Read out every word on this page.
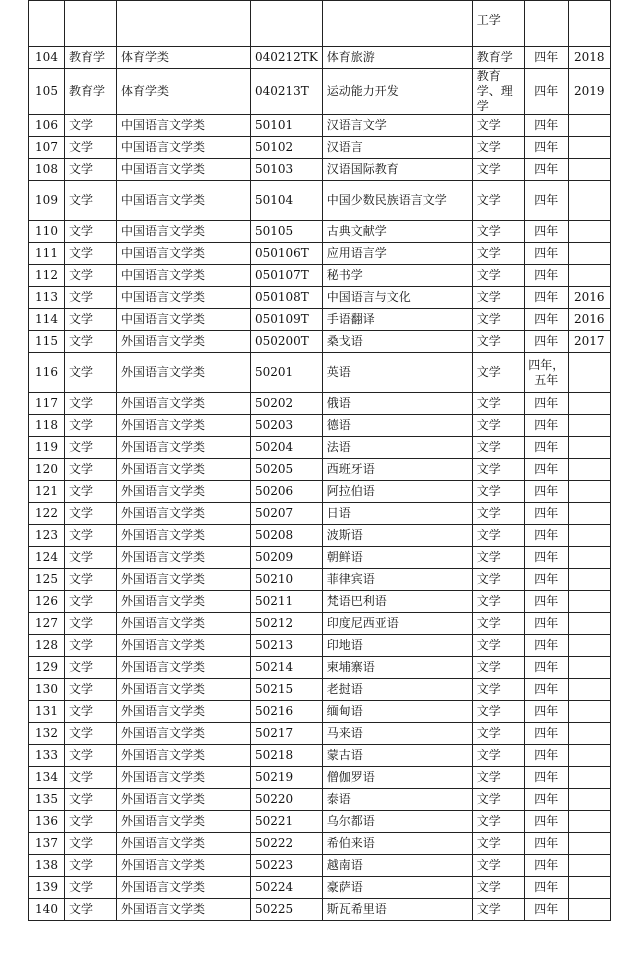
					工学		
104	教育学	体育学类	040212TK	体育旅游	教育学	四年	2018
105	教育学	体育学类	040213T	运动能力开发	教育学、理学	四年	2019
106	文学	中国语言文学类	50101	汉语言文学	文学	四年	
107	文学	中国语言文学类	50102	汉语言	文学	四年	
108	文学	中国语言文学类	50103	汉语国际教育	文学	四年	
109	文学	中国语言文学类	50104	中国少数民族语言文学	文学	四年	
110	文学	中国语言文学类	50105	古典文献学	文学	四年	
111	文学	中国语言文学类	050106T	应用语言学	文学	四年	
112	文学	中国语言文学类	050107T	秘书学	文学	四年	
113	文学	中国语言文学类	050108T	中国语言与文化	文学	四年	2016
114	文学	中国语言文学类	050109T	手语翻译	文学	四年	2016
115	文学	外国语言文学类	050200T	桑戈语	文学	四年	2017
116	文学	外国语言文学类	50201	英语	文学	四年，五年	
117	文学	外国语言文学类	50202	俄语	文学	四年	
118	文学	外国语言文学类	50203	德语	文学	四年	
119	文学	外国语言文学类	50204	法语	文学	四年	
120	文学	外国语言文学类	50205	西班牙语	文学	四年	
121	文学	外国语言文学类	50206	阿拉伯语	文学	四年	
122	文学	外国语言文学类	50207	日语	文学	四年	
123	文学	外国语言文学类	50208	波斯语	文学	四年	
124	文学	外国语言文学类	50209	朝鲜语	文学	四年	
125	文学	外国语言文学类	50210	菲律宾语	文学	四年	
126	文学	外国语言文学类	50211	梵语巴利语	文学	四年	
127	文学	外国语言文学类	50212	印度尼西亚语	文学	四年	
128	文学	外国语言文学类	50213	印地语	文学	四年	
129	文学	外国语言文学类	50214	柬埔寨语	文学	四年	
130	文学	外国语言文学类	50215	老挝语	文学	四年	
131	文学	外国语言文学类	50216	缅甸语	文学	四年	
132	文学	外国语言文学类	50217	马来语	文学	四年	
133	文学	外国语言文学类	50218	蒙古语	文学	四年	
134	文学	外国语言文学类	50219	僧伽罗语	文学	四年	
135	文学	外国语言文学类	50220	泰语	文学	四年	
136	文学	外国语言文学类	50221	乌尔都语	文学	四年	
137	文学	外国语言文学类	50222	希伯来语	文学	四年	
138	文学	外国语言文学类	50223	越南语	文学	四年	
139	文学	外国语言文学类	50224	豪萨语	文学	四年	
140	文学	外国语言文学类	50225	斯瓦希里语	文学	四年	
